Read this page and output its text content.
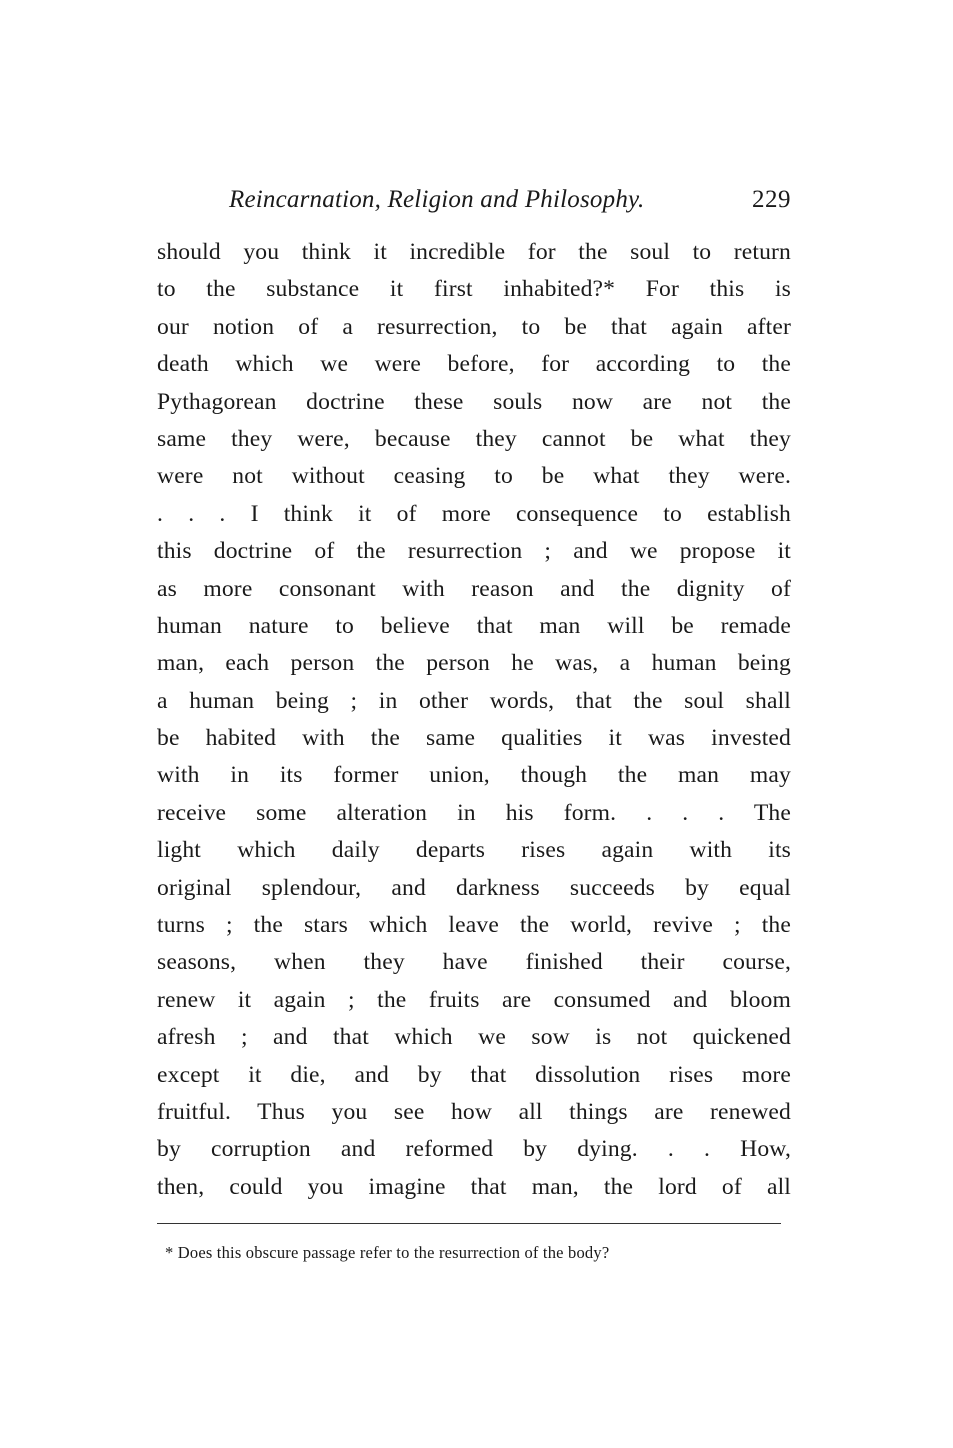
Reincarnation, Religion and Philosophy.	229
should you think it incredible for the soul to return
to the substance it first inhabited?* For this is
our notion of a resurrection, to be that again after
death which we were before, for according to the
Pythagorean doctrine these souls now are not the
same they were, because they cannot be what they
were not without ceasing to be what they were.
. . . I think it of more consequence to establish
this doctrine of the resurrection ; and we propose it
as more consonant with reason and the dignity of
human nature to believe that man will be remade
man, each person the person he was, a human being
a human being ; in other words, that the soul shall
be habited with the same qualities it was invested
with in its former union, though the man may
receive some alteration in his form. . . . The
light which daily departs rises again with its
original splendour, and darkness succeeds by equal
turns ; the stars which leave the world, revive ; the
seasons, when they have finished their course,
renew it again ; the fruits are consumed and bloom
afresh ; and that which we sow is not quickened
except it die, and by that dissolution rises more
fruitful. Thus you see how all things are renewed
by corruption and reformed by dying. . . How,
then, could you imagine that man, the lord of all
* Does this obscure passage refer to the resurrection of the body?
